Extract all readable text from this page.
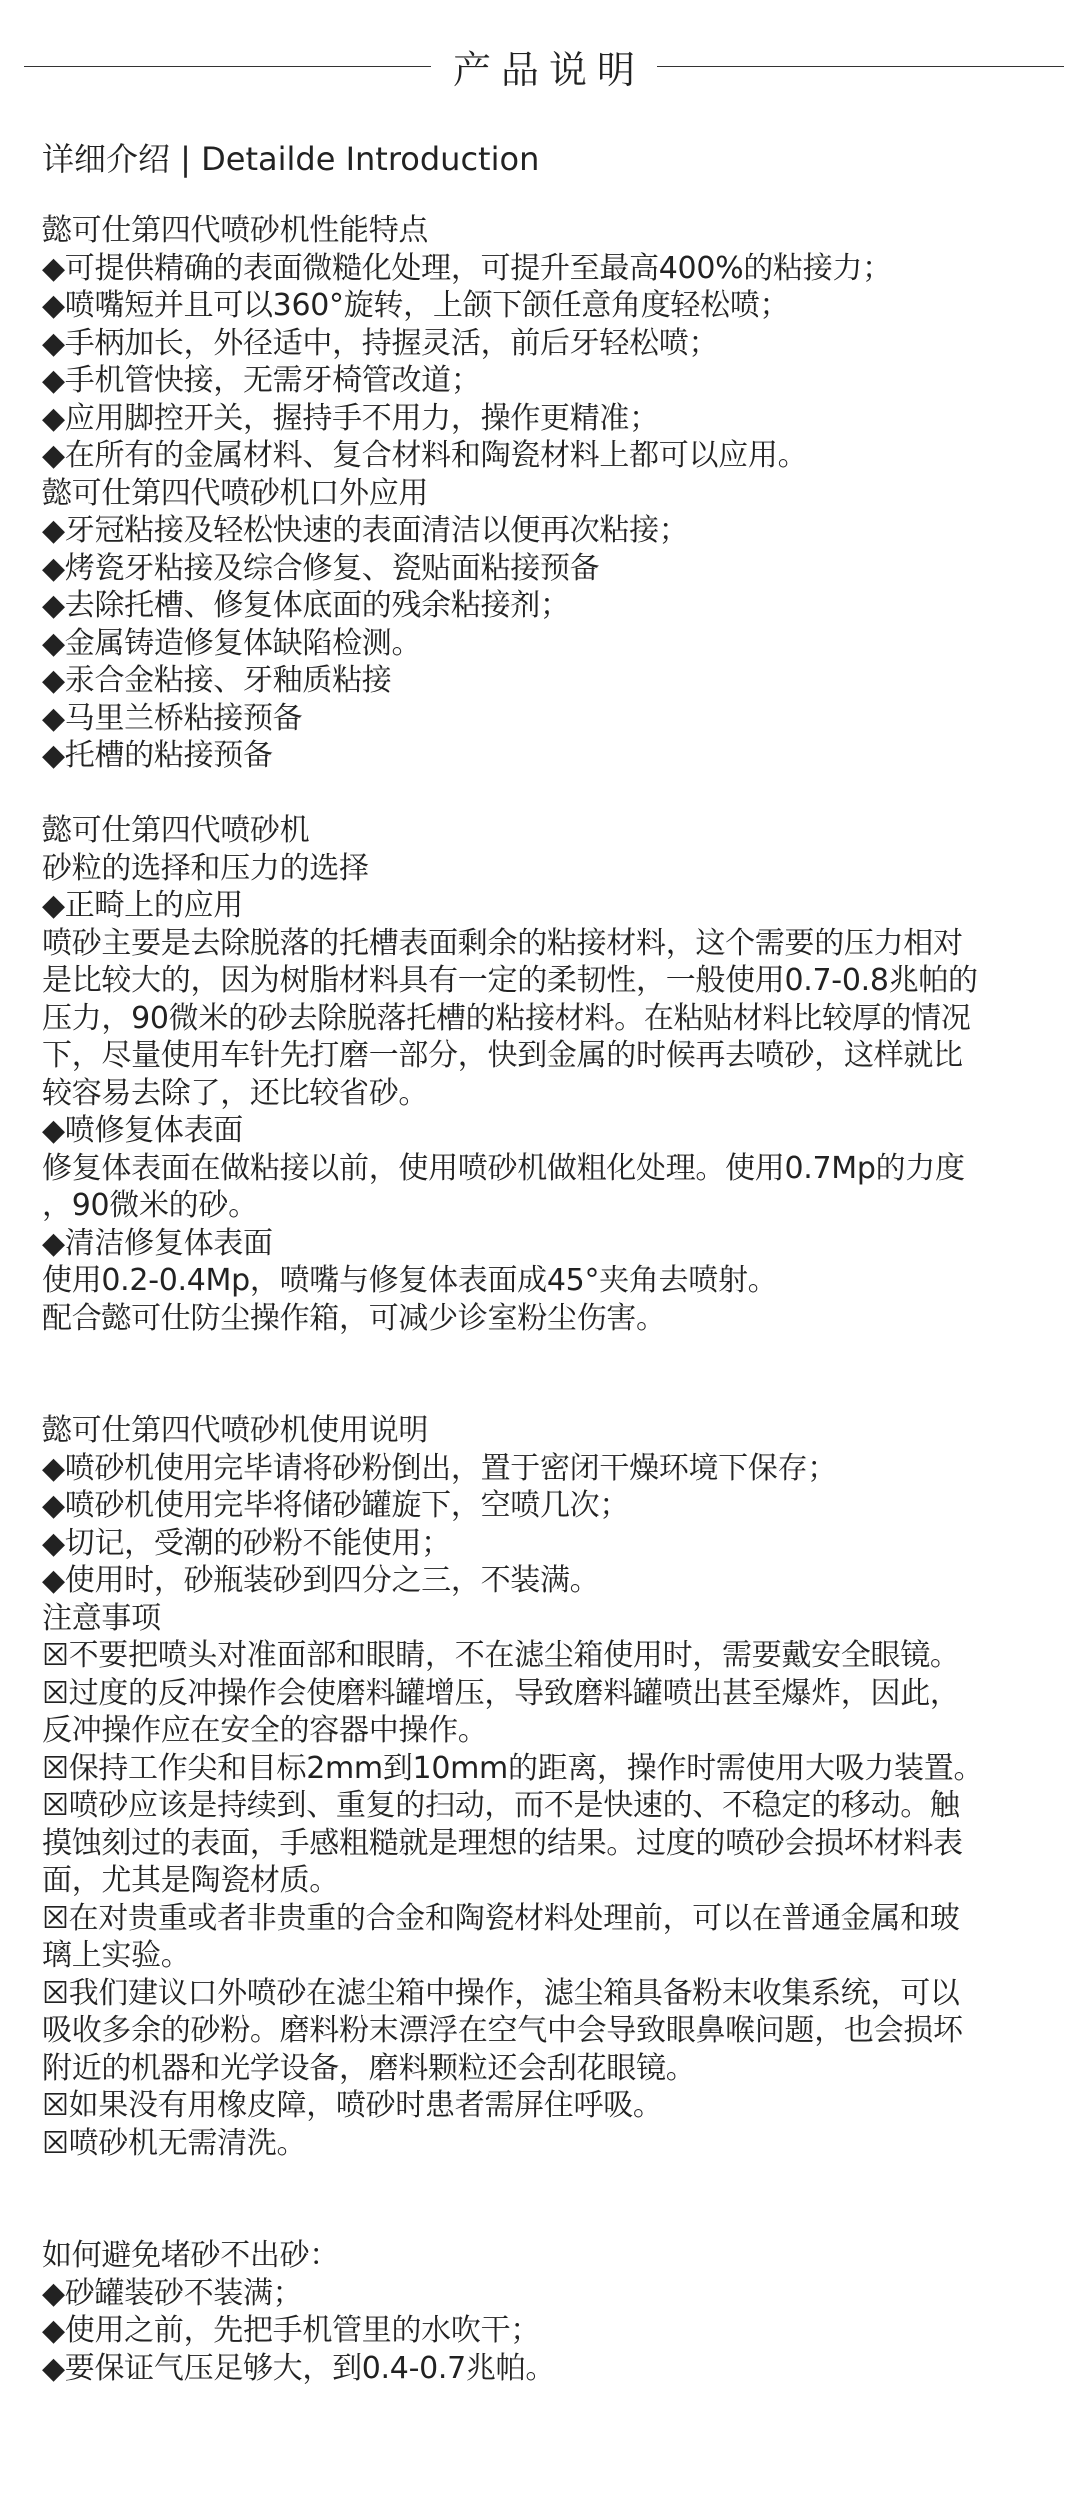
产品说明
详细介绍 | Detailde Introduction
懿可仕第四代喷砂机性能特点
◆可提供精确的表面微糙化处理，可提升至最高400%的粘接力；
◆喷嘴短并且可以360°旋转，上颌下颌任意角度轻松喷；
◆手柄加长，外径适中，持握灵活，前后牙轻松喷；
◆手机管快接，无需牙椅管改道；
◆应用脚控开关，握持手不用力，操作更精准；
◆在所有的金属材料、复合材料和陶瓷材料上都可以应用。
懿可仕第四代喷砂机口外应用
◆牙冠粘接及轻松快速的表面清洁以便再次粘接；
◆烤瓷牙粘接及综合修复、瓷贴面粘接预备
◆去除托槽、修复体底面的残余粘接剂；
◆金属铸造修复体缺陷检测。
◆汞合金粘接、牙釉质粘接
◆马里兰桥粘接预备
◆托槽的粘接预备
懿可仕第四代喷砂机
砂粒的选择和压力的选择
◆正畸上的应用
喷砂主要是去除脱落的托槽表面剩余的粘接材料，这个需要的压力相对
是比较大的，因为树脂材料具有一定的柔韧性，一般使用0.7-0.8兆帕的
压力，90微米的砂去除脱落托槽的粘接材料。在粘贴材料比较厚的情况
下，尽量使用车针先打磨一部分，快到金属的时候再去喷砂，这样就比
较容易去除了，还比较省砂。
◆喷修复体表面
修复体表面在做粘接以前，使用喷砂机做粗化处理。使用0.7Mp的力度
，90微米的砂。
◆清洁修复体表面
使用0.2-0.4Mp，喷嘴与修复体表面成45°夹角去喷射。
配合懿可仕防尘操作箱，可减少诊室粉尘伤害。
懿可仕第四代喷砂机使用说明
◆喷砂机使用完毕请将砂粉倒出，置于密闭干燥环境下保存；
◆喷砂机使用完毕将储砂罐旋下，空喷几次；
◆切记，受潮的砂粉不能使用；
◆使用时，砂瓶装砂到四分之三，不装满。
注意事项
☒不要把喷头对准面部和眼睛，不在滤尘箱使用时，需要戴安全眼镜。
☒过度的反冲操作会使磨料罐增压，导致磨料罐喷出甚至爆炸，因此，
反冲操作应在安全的容器中操作。
☒保持工作尖和目标2mm到10mm的距离，操作时需使用大吸力装置。
☒喷砂应该是持续到、重复的扫动，而不是快速的、不稳定的移动。触
摸蚀刻过的表面，手感粗糙就是理想的结果。过度的喷砂会损坏材料表
面，尤其是陶瓷材质。
☒在对贵重或者非贵重的合金和陶瓷材料处理前，可以在普通金属和玻
璃上实验。
☒我们建议口外喷砂在滤尘箱中操作，滤尘箱具备粉末收集系统，可以
吸收多余的砂粉。磨料粉末漂浮在空气中会导致眼鼻喉问题，也会损坏
附近的机器和光学设备，磨料颗粒还会刮花眼镜。
☒如果没有用橡皮障，喷砂时患者需屏住呼吸。
☒喷砂机无需清洗。
如何避免堵砂不出砂：
◆砂罐装砂不装满；
◆使用之前，先把手机管里的水吹干；
◆要保证气压足够大，到0.4-0.7兆帕。
